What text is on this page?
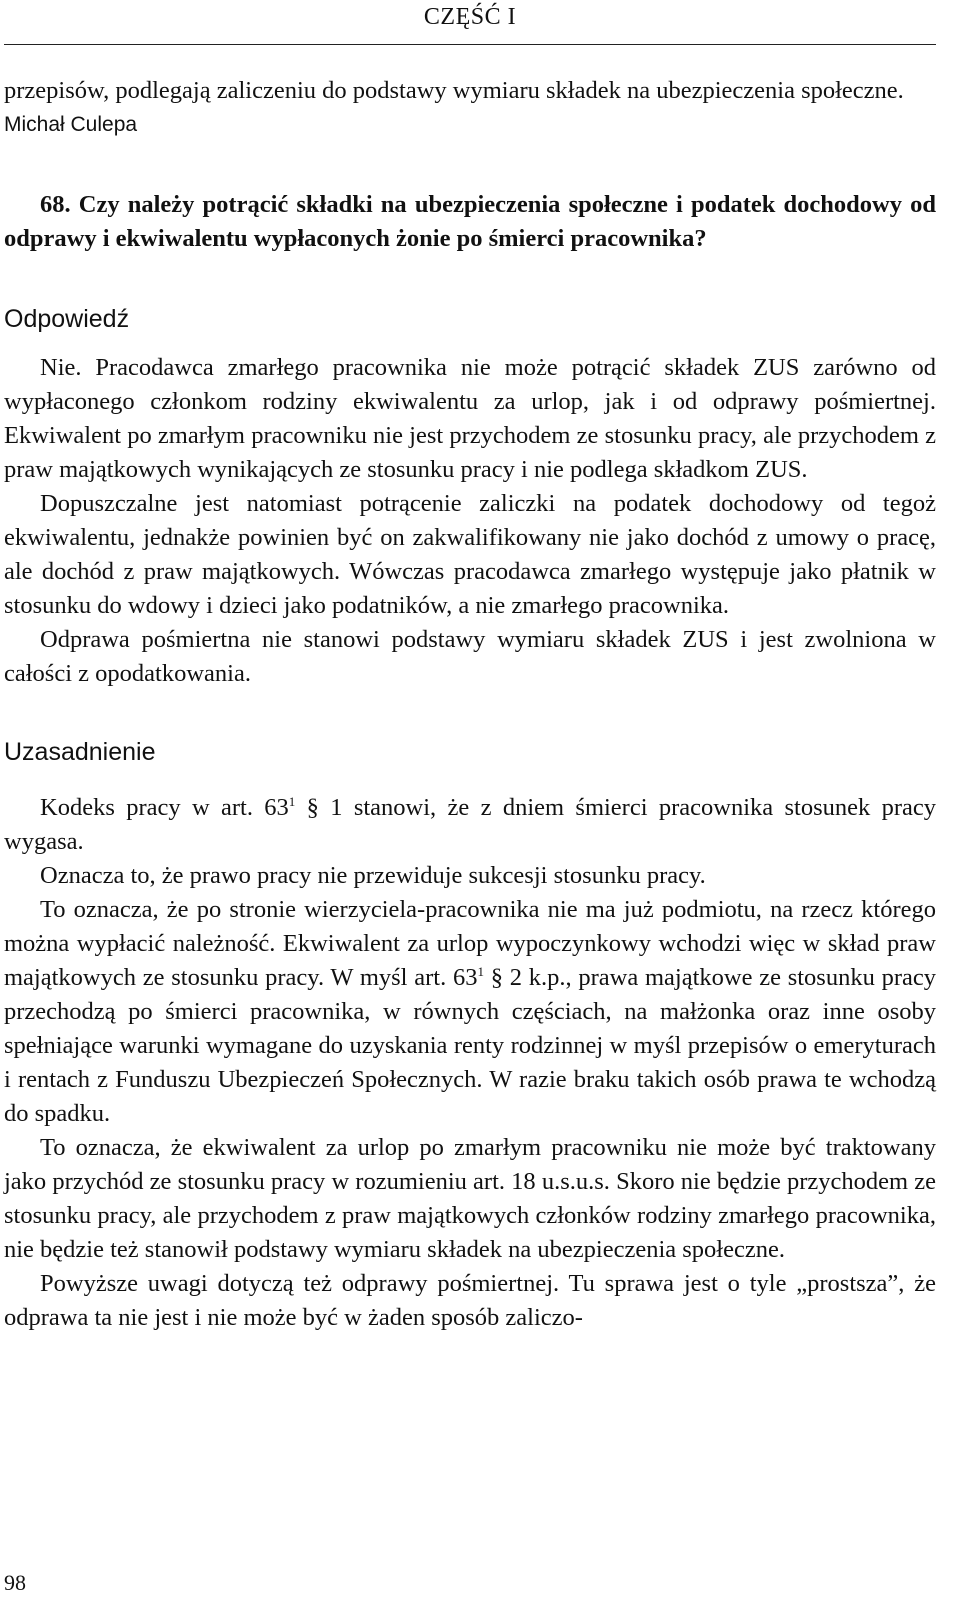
CZĘŚĆ I

przepisów, podlegają zaliczeniu do podstawy wymiaru składek na ubezpieczenia społeczne.

Michał Culepa

68. Czy należy potrącić składki na ubezpieczenia społeczne i podatek dochodowy od odprawy i ekwiwalentu wypłaconych żonie po śmierci pracownika?

Odpowiedź

Nie. Pracodawca zmarłego pracownika nie może potrącić składek ZUS zarówno od wypłaconego członkom rodziny ekwiwalentu za urlop, jak i od odprawy pośmiertnej. Ekwiwalent po zmarłym pracowniku nie jest przychodem ze stosunku pracy, ale przychodem z praw majątkowych wynikających ze stosunku pracy i nie podlega składkom ZUS.

Dopuszczalne jest natomiast potrącenie zaliczki na podatek dochodowy od tegoż ekwiwalentu, jednakże powinien być on zakwalifikowany nie jako dochód z umowy o pracę, ale dochód z praw majątkowych. Wówczas pracodawca zmarłego występuje jako płatnik w stosunku do wdowy i dzieci jako podatników, a nie zmarłego pracownika.

Odprawa pośmiertna nie stanowi podstawy wymiaru składek ZUS i jest zwolniona w całości z opodatkowania.

Uzasadnienie

Kodeks pracy w art. $63^1$ § 1 stanowi, że z dniem śmierci pracownika stosunek pracy wygasa.

Oznacza to, że prawo pracy nie przewiduje sukcesji stosunku pracy.

To oznacza, że po stronie wierzyciela-pracownika nie ma już podmiotu, na rzecz którego można wypłacić należność. Ekwiwalent za urlop wypoczynkowy wchodzi więc w skład praw majątkowych ze stosunku pracy. W myśl art. $63^1$ § 2 k.p., prawa majątkowe ze stosunku pracy przechodzą po śmierci pracownika, w równych częściach, na małżonka oraz inne osoby spełniające warunki wymagane do uzyskania renty rodzinnej w myśl przepisów o emeryturach i rentach z Funduszu Ubezpieczeń Społecznych. W razie braku takich osób prawa te wchodzą do spadku.

To oznacza, że ekwiwalent za urlop po zmarłym pracowniku nie może być traktowany jako przychód ze stosunku pracy w rozumieniu art. 18 u.s.u.s. Skoro nie będzie przychodem ze stosunku pracy, ale przychodem z praw majątkowych członków rodziny zmarłego pracownika, nie będzie też stanowił podstawy wymiaru składek na ubezpieczenia społeczne.

Powyższe uwagi dotyczą też odprawy pośmiertnej. Tu sprawa jest o tyle „prostsza”, że odprawa ta nie jest i nie może być w żaden sposób zaliczo-

98
